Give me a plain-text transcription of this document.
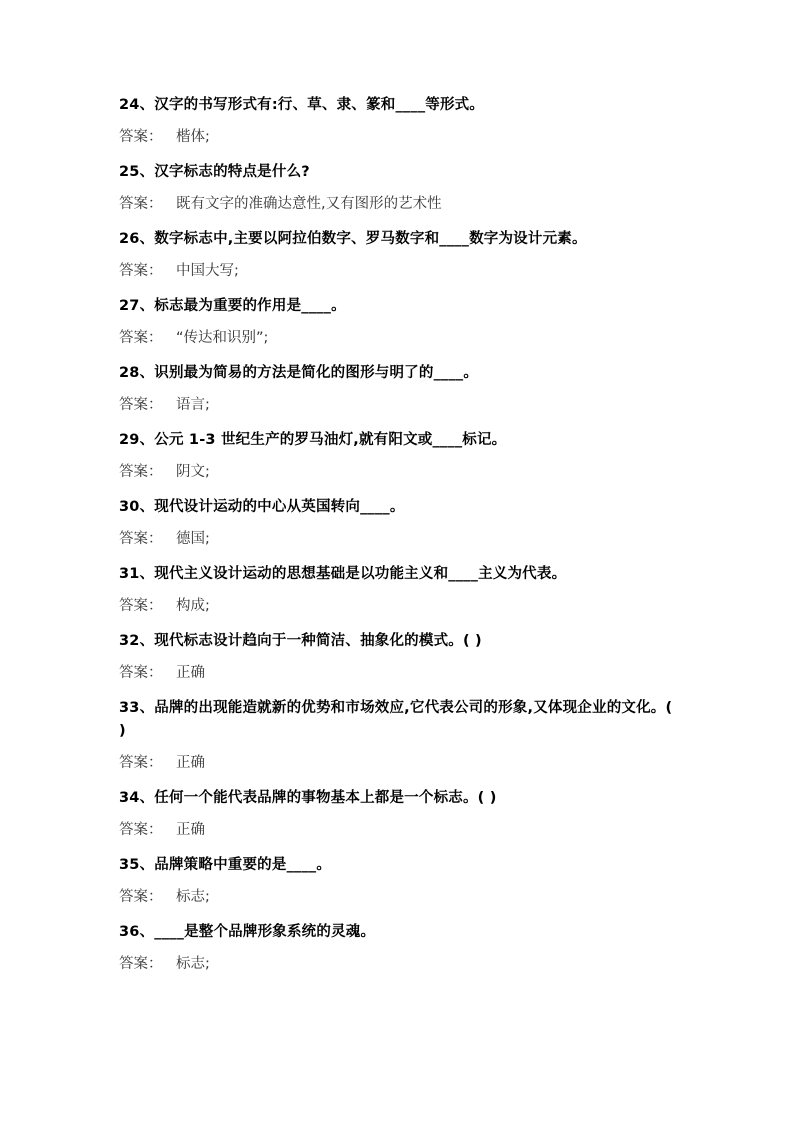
24、汉字的书写形式有:行、草、隶、篆和____等形式。
答案： 楷体;
25、汉字标志的特点是什么?
答案： 既有文字的准确达意性,又有图形的艺术性
26、数字标志中,主要以阿拉伯数字、罗马数字和____数字为设计元素。
答案： 中国大写;
27、标志最为重要的作用是____。
答案： “传达和识别”;
28、识别最为简易的方法是简化的图形与明了的____。
答案： 语言;
29、公元 1-3 世纪生产的罗马油灯,就有阳文或____标记。
答案： 阴文;
30、现代设计运动的中心从英国转向____。
答案： 德国;
31、现代主义设计运动的思想基础是以功能主义和____主义为代表。
答案： 构成;
32、现代标志设计趋向于一种简洁、抽象化的模式。( )
答案： 正确
33、品牌的出现能造就新的优势和市场效应,它代表公司的形象,又体现企业的文化。( )
答案： 正确
34、任何一个能代表品牌的事物基本上都是一个标志。( )
答案： 正确
35、品牌策略中重要的是____。
答案： 标志;
36、____是整个品牌形象系统的灵魂。
答案： 标志;
